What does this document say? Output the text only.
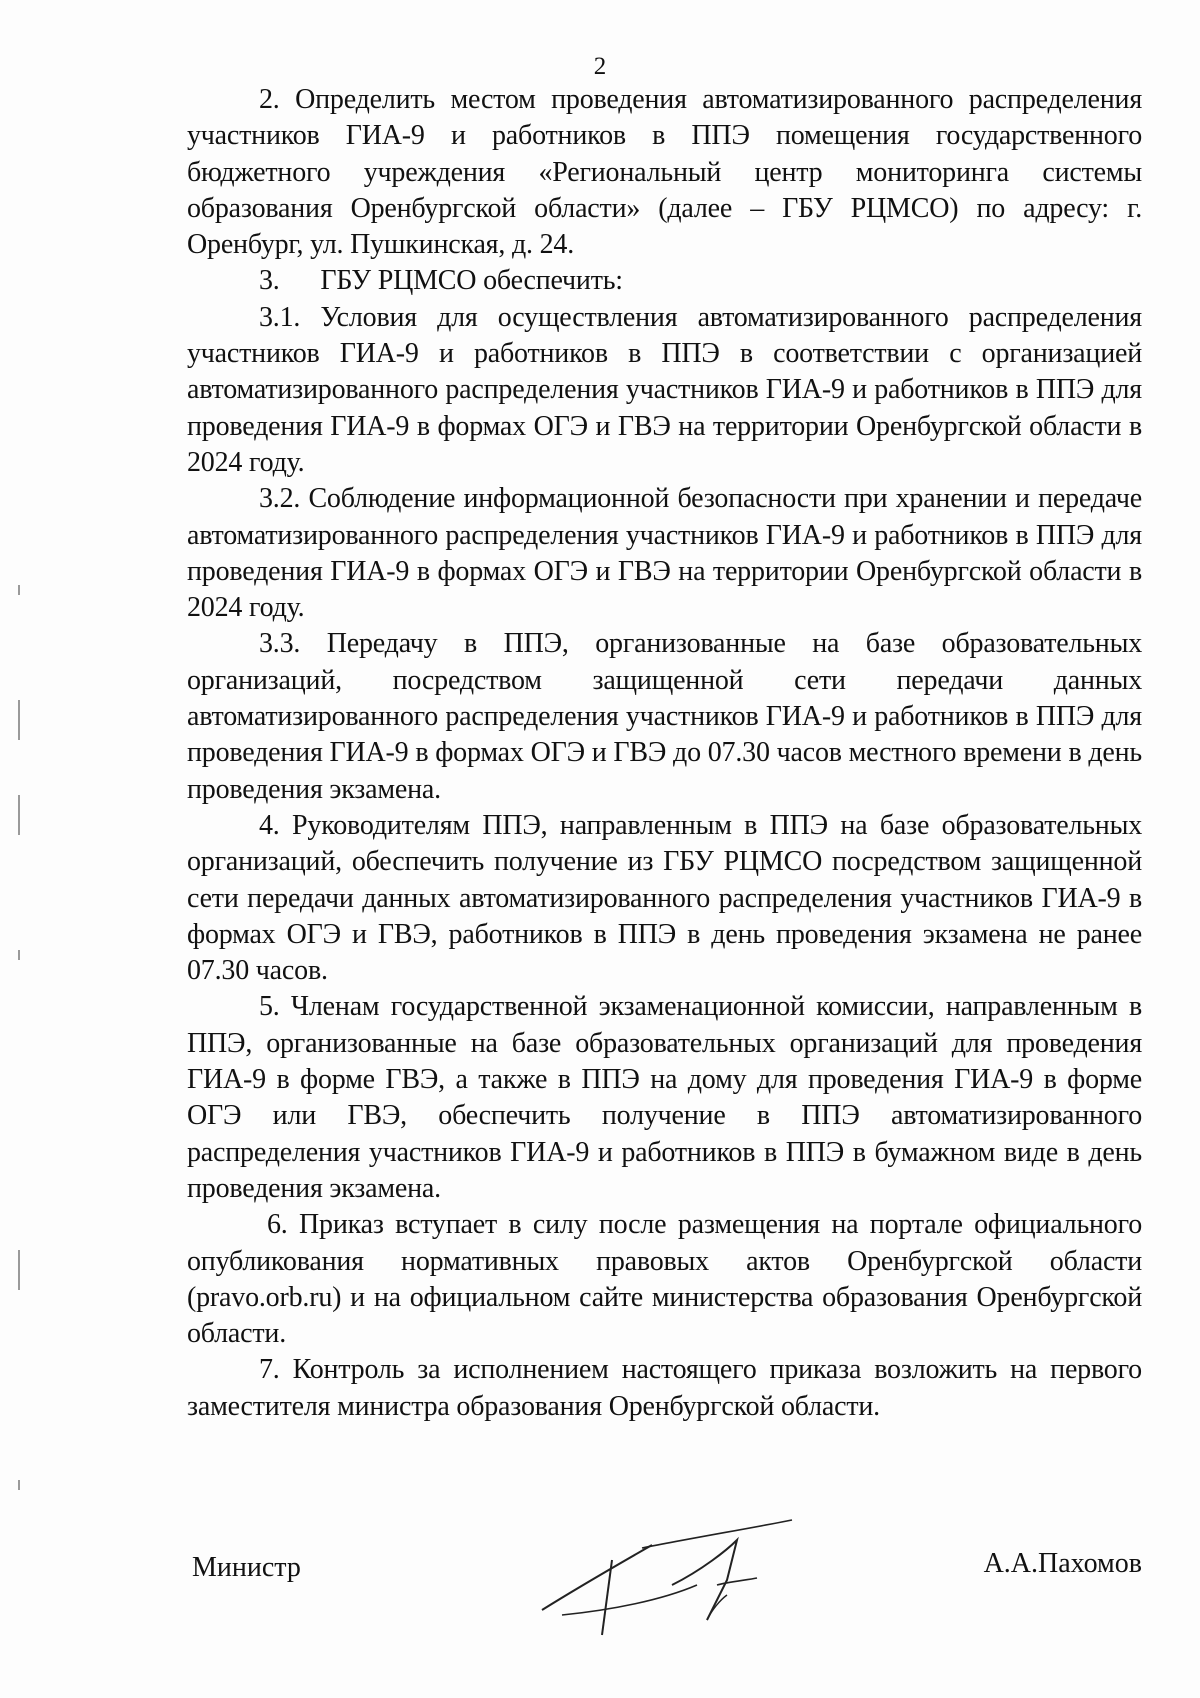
2

2. Определить местом проведения автоматизированного распределения участников ГИА-9 и работников в ППЭ помещения государственного бюджетного учреждения «Региональный центр мониторинга системы образования Оренбургской области» (далее – ГБУ РЦМСО) по адресу: г. Оренбург, ул. Пушкинская, д. 24.

3.      ГБУ РЦМСО обеспечить:

3.1. Условия для осуществления автоматизированного распределения участников ГИА-9 и работников в ППЭ в соответствии с организацией автоматизированного распределения участников ГИА-9 и работников в ППЭ для проведения ГИА-9 в формах ОГЭ и ГВЭ на территории Оренбургской области в 2024 году.

3.2. Соблюдение информационной безопасности при хранении и передаче автоматизированного распределения участников ГИА-9 и работников в ППЭ для проведения ГИА-9 в формах ОГЭ и ГВЭ на территории Оренбургской области в 2024 году.

3.3. Передачу в ППЭ, организованные на базе образовательных организаций, посредством защищенной сети передачи данных автоматизированного распределения участников ГИА-9 и работников в ППЭ для проведения ГИА-9 в формах ОГЭ и ГВЭ до 07.30 часов местного времени в день проведения экзамена.

4. Руководителям ППЭ, направленным в ППЭ на базе образовательных организаций, обеспечить получение из ГБУ РЦМСО посредством защищенной сети передачи данных автоматизированного распределения участников ГИА-9 в формах ОГЭ и ГВЭ, работников в ППЭ в день проведения экзамена не ранее 07.30 часов.

5. Членам государственной экзаменационной комиссии, направленным в ППЭ, организованные на базе образовательных организаций для проведения ГИА-9 в форме ГВЭ, а также в ППЭ на дому для проведения ГИА-9 в форме ОГЭ или ГВЭ, обеспечить получение в ППЭ автоматизированного распределения участников ГИА-9 и работников в ППЭ в бумажном виде в день проведения экзамена.

6. Приказ вступает в силу после размещения на портале официального опубликования нормативных правовых актов Оренбургской области (pravo.orb.ru) и на официальном сайте министерства образования Оренбургской области.

7. Контроль за исполнением настоящего приказа возложить на первого заместителя министра образования Оренбургской области.

Министр	А.А.Пахомов
